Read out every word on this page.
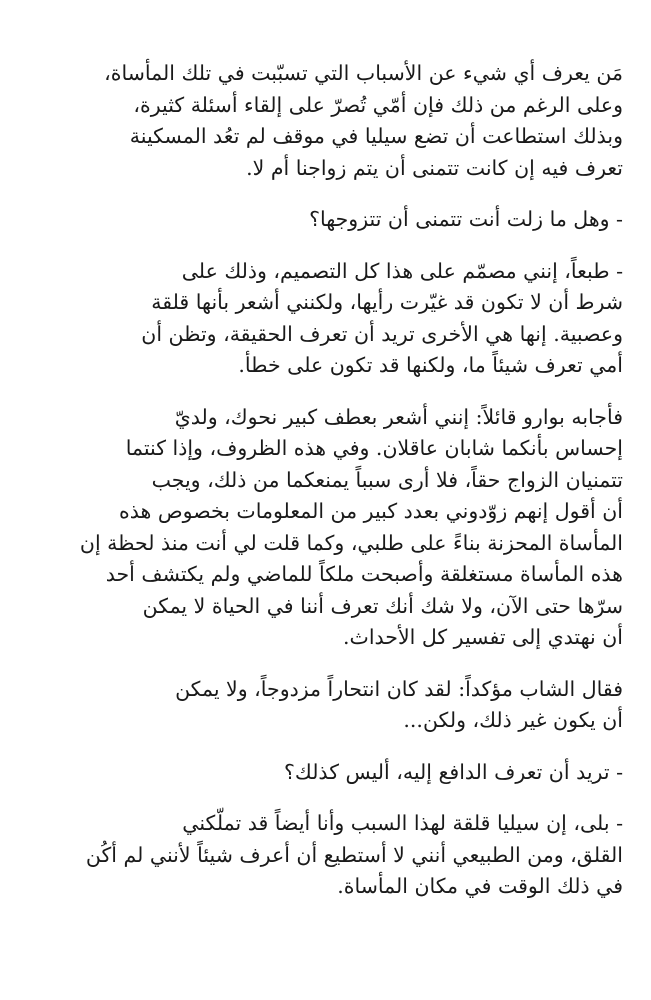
مَن يعرف أي شيء عن الأسباب التي تسبّبت في تلك المأساة،
وعلى الرغم من ذلك فإن أمّي تُصرّ على إلقاء أسئلة كثيرة،
وبذلك استطاعت أن تضع سيليا في موقف لم تعُد المسكينة
تعرف فيه إن كانت تتمنى أن يتم زواجنا أم لا.

- وهل ما زلت أنت تتمنى أن تتزوجها؟

- طبعاً، إنني مصمّم على هذا كل التصميم، وذلك على
شرط أن لا تكون قد غيّرت رأيها، ولكنني أشعر بأنها قلقة
وعصبية. إنها هي الأخرى تريد أن تعرف الحقيقة، وتظن أن
أمي تعرف شيئاً ما، ولكنها قد تكون على خطأ.

فأجابه بوارو قائلاً: إنني أشعر بعطف كبير نحوك، ولديّ
إحساس بأنكما شابان عاقلان. وفي هذه الظروف، وإذا كنتما
تتمنيان الزواج حقاً، فلا أرى سبباً يمنعكما من ذلك، ويجب
أن أقول إنهم زوّدوني بعدد كبير من المعلومات بخصوص هذه
المأساة المحزنة بناءً على طلبي، وكما قلت لي أنت منذ لحظة إن
هذه المأساة مستغلقة وأصبحت ملكاً للماضي ولم يكتشف أحد
سرّها حتى الآن، ولا شك أنك تعرف أننا في الحياة لا يمكن
أن نهتدي إلى تفسير كل الأحداث.

فقال الشاب مؤكداً: لقد كان انتحاراً مزدوجاً، ولا يمكن
أن يكون غير ذلك، ولكن...

- تريد أن تعرف الدافع إليه، أليس كذلك؟

- بلى، إن سيليا قلقة لهذا السبب وأنا أيضاً قد تملّكني
القلق، ومن الطبيعي أنني لا أستطيع أن أعرف شيئاً لأنني لم أكُن
في ذلك الوقت في مكان المأساة.
